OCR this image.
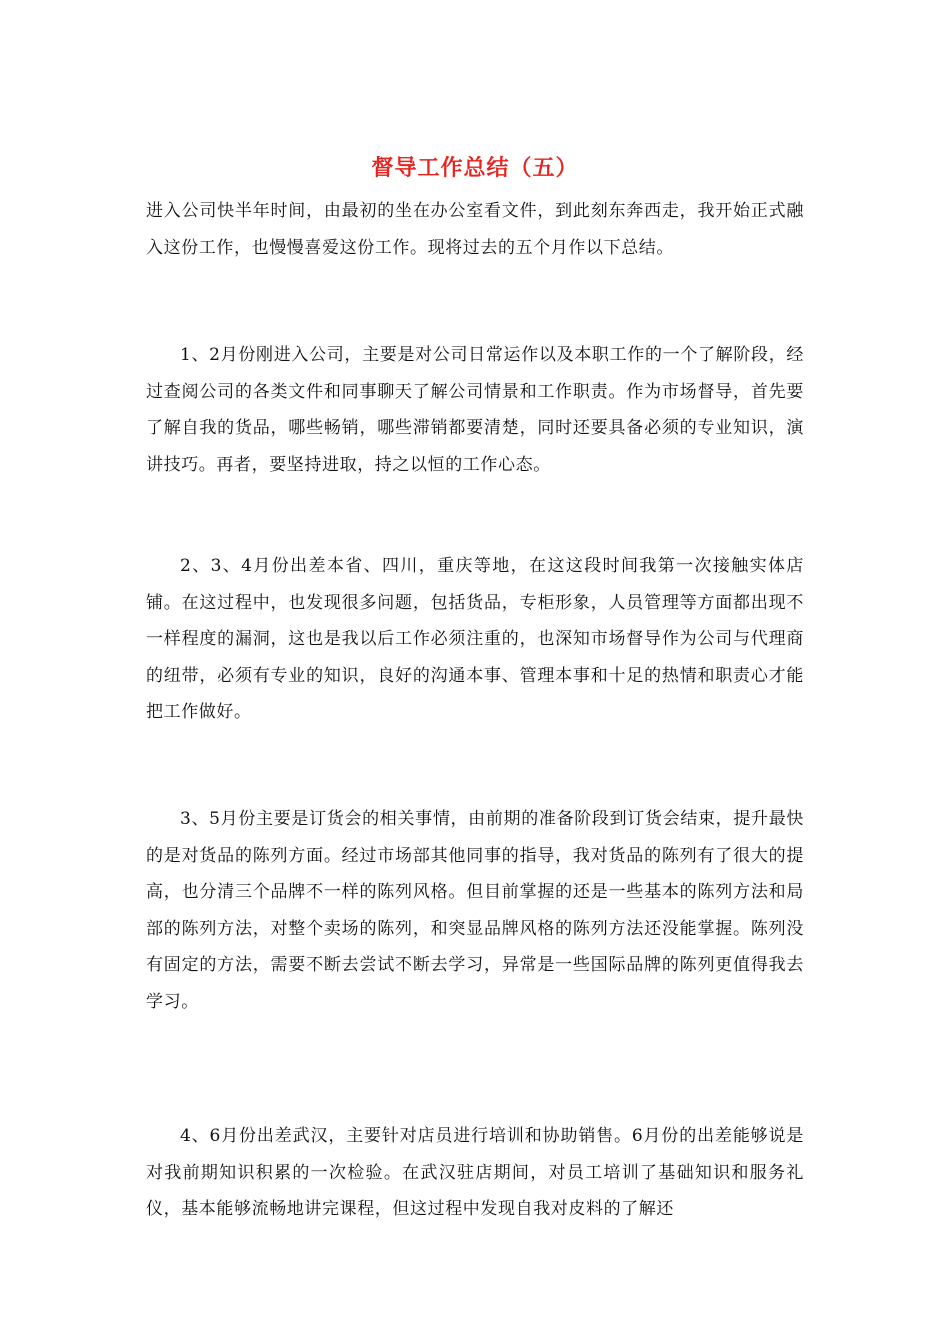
督导工作总结（五）

进入公司快半年时间，由最初的坐在办公室看文件，到此刻东奔西走，我开始正式融入这份工作，也慢慢喜爱这份工作。现将过去的五个月作以下总结。

1、2月份刚进入公司，主要是对公司日常运作以及本职工作的一个了解阶段，经过查阅公司的各类文件和同事聊天了解公司情景和工作职责。作为市场督导，首先要了解自我的货品，哪些畅销，哪些滞销都要清楚，同时还要具备必须的专业知识，演讲技巧。再者，要坚持进取，持之以恒的工作心态。

2、3、4月份出差本省、四川，重庆等地，在这这段时间我第一次接触实体店铺。在这过程中，也发现很多问题，包括货品，专柜形象，人员管理等方面都出现不一样程度的漏洞，这也是我以后工作必须注重的，也深知市场督导作为公司与代理商的纽带，必须有专业的知识，良好的沟通本事、管理本事和十足的热情和职责心才能把工作做好。

3、5月份主要是订货会的相关事情，由前期的准备阶段到订货会结束，提升最快的是对货品的陈列方面。经过市场部其他同事的指导，我对货品的陈列有了很大的提高，也分清三个品牌不一样的陈列风格。但目前掌握的还是一些基本的陈列方法和局部的陈列方法，对整个卖场的陈列，和突显品牌风格的陈列方法还没能掌握。陈列没有固定的方法，需要不断去尝试不断去学习，异常是一些国际品牌的陈列更值得我去学习。

4、6月份出差武汉，主要针对店员进行培训和协助销售。6月份的出差能够说是对我前期知识积累的一次检验。在武汉驻店期间，对员工培训了基础知识和服务礼仪，基本能够流畅地讲完课程，但这过程中发现自我对皮料的了解还
